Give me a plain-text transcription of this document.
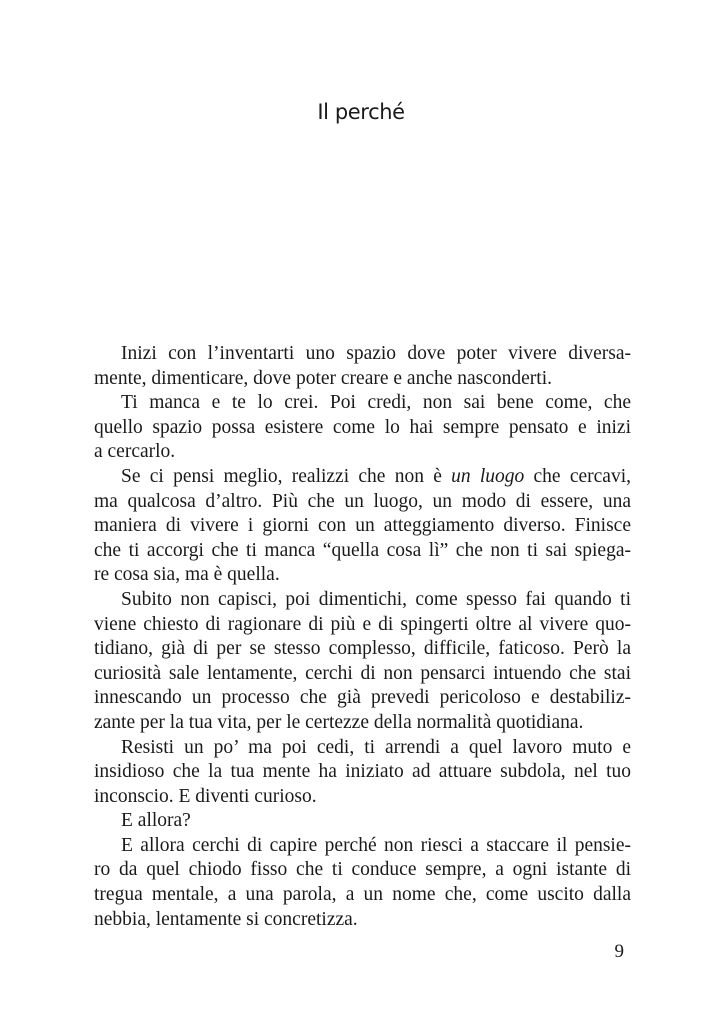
Il perché
Inizi con l’inventarti uno spazio dove poter vivere diversa-
mente, dimenticare, dove poter creare e anche nasconderti.
Ti manca e te lo crei. Poi credi, non sai bene come, che
quello spazio possa esistere come lo hai sempre pensato e inizi
a cercarlo.
Se ci pensi meglio, realizzi che non è un luogo che cercavi,
ma qualcosa d’altro. Più che un luogo, un modo di essere, una
maniera di vivere i giorni con un atteggiamento diverso. Finisce
che ti accorgi che ti manca “quella cosa lì” che non ti sai spiega-
re cosa sia, ma è quella.
Subito non capisci, poi dimentichi, come spesso fai quando ti
viene chiesto di ragionare di più e di spingerti oltre al vivere quo-
tidiano, già di per se stesso complesso, difficile, faticoso. Però la
curiosità sale lentamente, cerchi di non pensarci intuendo che stai
innescando un processo che già prevedi pericoloso e destabiliz-
zante per la tua vita, per le certezze della normalità quotidiana.
Resisti un po’ ma poi cedi, ti arrendi a quel lavoro muto e
insidioso che la tua mente ha iniziato ad attuare subdola, nel tuo
inconscio. E diventi curioso.
E allora?
E allora cerchi di capire perché non riesci a staccare il pensie-
ro da quel chiodo fisso che ti conduce sempre, a ogni istante di
tregua mentale, a una parola, a un nome che, come uscito dalla
nebbia, lentamente si concretizza.
9
